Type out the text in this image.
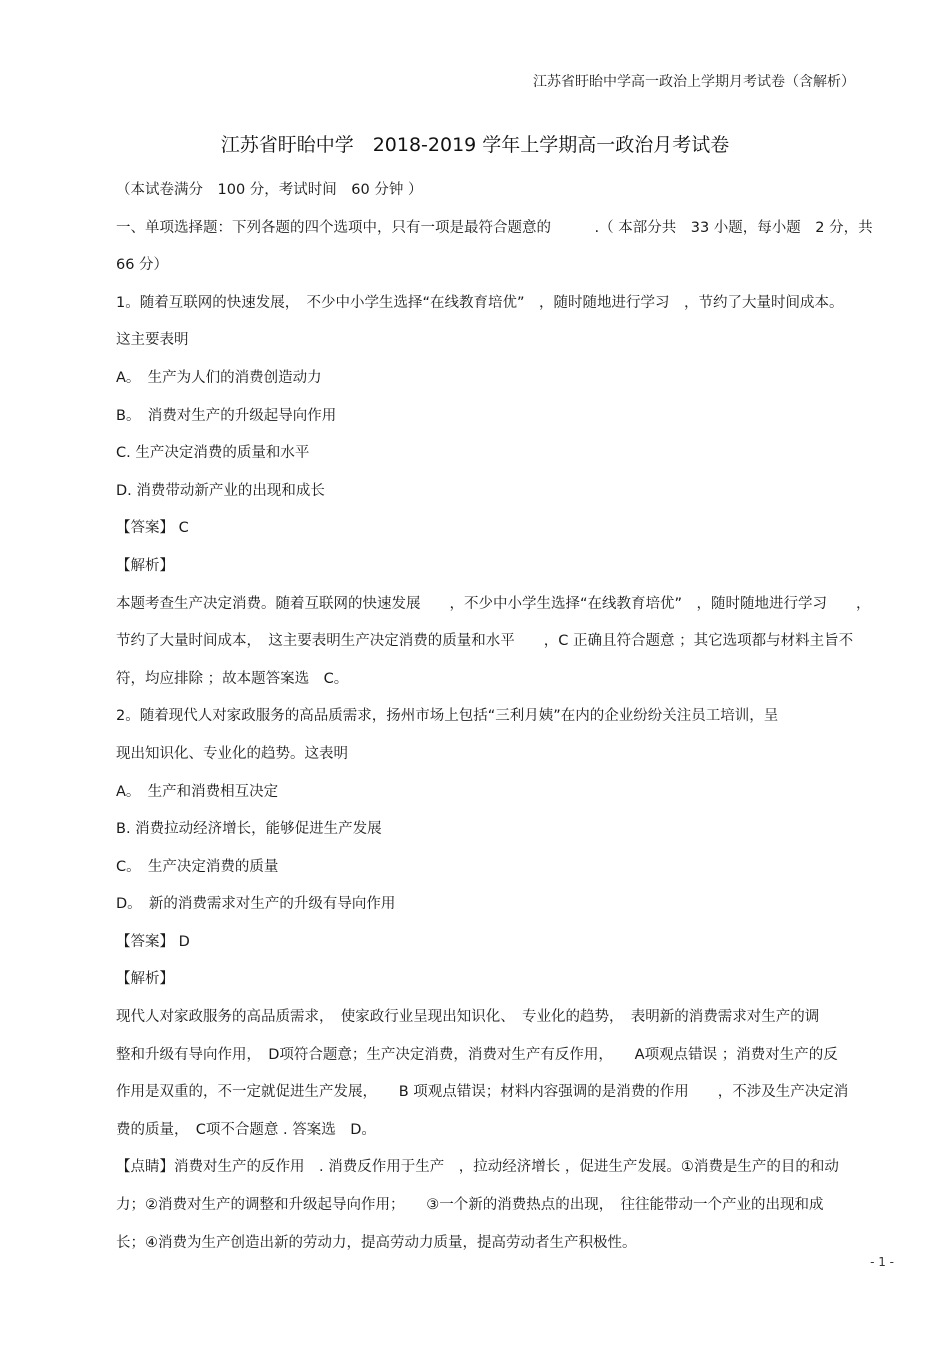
江苏省盱眙中学高一政治上学期月考试卷（含解析）
江苏省盱眙中学　2018-2019 学年上学期高一政治月考试卷
（本试卷满分　100 分，考试时间　60 分钟 ）
一、单项选择题：下列各题的四个选项中，只有一项是最符合题意的　　　.（ 本部分共　33 小题，每小题　2 分，共
66 分）
1。随着互联网的快速发展，　不少中小学生选择“在线教育培优”　，随时随地进行学习　，节约了大量时间成本。
这主要表明
A。　生产为人们的消费创造动力
B。　消费对生产的升级起导向作用
C. 生产决定消费的质量和水平
D. 消费带动新产业的出现和成长
【答案】 C
【解析】
本题考查生产决定消费。随着互联网的快速发展　　，不少中小学生选择“在线教育培优”　，随时随地进行学习　　，
节约了大量时间成本，　这主要表明生产决定消费的质量和水平　　，C 正确且符合题意 ；其它选项都与材料主旨不
符，均应排除 ；故本题答案选　C。
2。随着现代人对家政服务的高品质需求，扬州市场上包括“三利月姨”在内的企业纷纷关注员工培训，呈
现出知识化、专业化的趋势。这表明
A。　生产和消费相互决定
B. 消费拉动经济增长，能够促进生产发展
C。　生产决定消费的质量
D。　新的消费需求对生产的升级有导向作用
【答案】 D
【解析】
现代人对家政服务的高品质需求，　使家政行业呈现出知识化、　专业化的趋势，　表明新的消费需求对生产的调
整和升级有导向作用，　D项符合题意；生产决定消费，消费对生产有反作用，　　A项观点错误 ；消费对生产的反
作用是双重的，不一定就促进生产发展，　　B 项观点错误；材料内容强调的是消费的作用　　，不涉及生产决定消
费的质量，　C项不合题意 . 答案选　D。
【点睛】消费对生产的反作用　. 消费反作用于生产　，拉动经济增长 ，促进生产发展。①消费是生产的目的和动
力；②消费对生产的调整和升级起导向作用；　　③一个新的消费热点的出现，　往往能带动一个产业的出现和成
长；④消费为生产创造出新的劳动力，提高劳动力质量，提高劳动者生产积极性。
- 1 -
